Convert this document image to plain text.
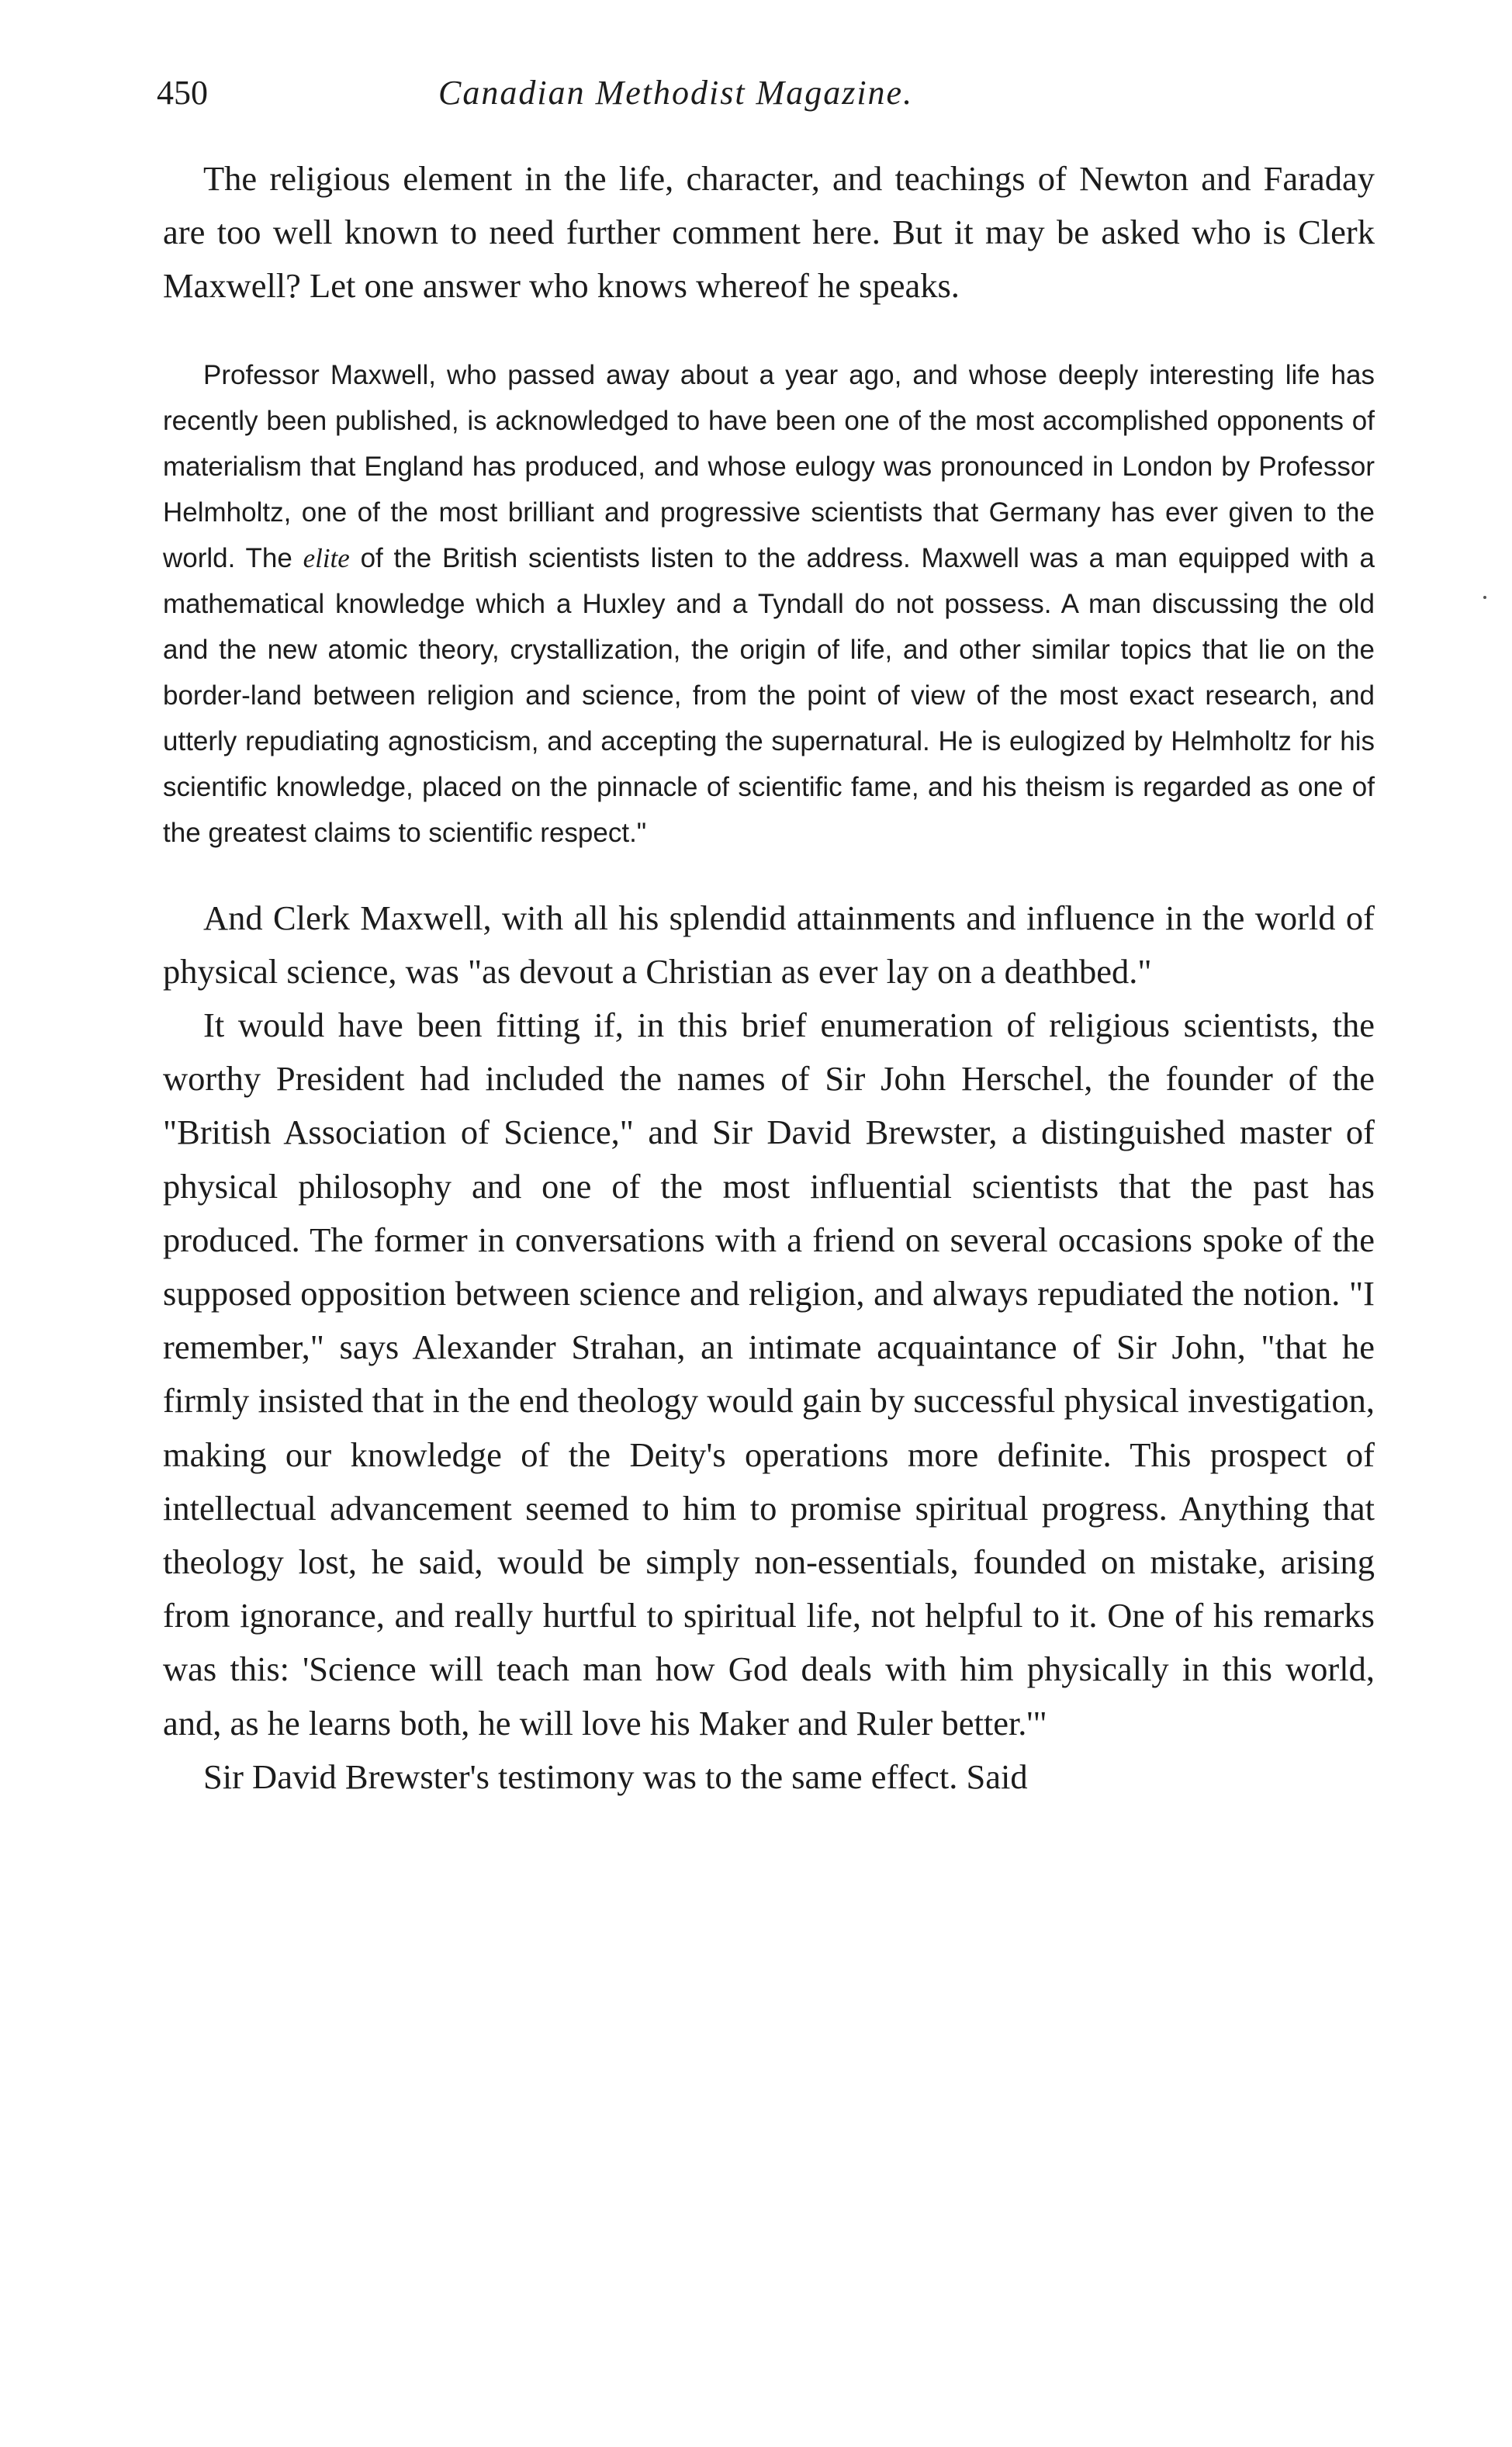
450	Canadian Methodist Magazine.

The religious element in the life, character, and teachings of Newton and Faraday are too well known to need further comment here. But it may be asked who is Clerk Maxwell? Let one answer who knows whereof he speaks.

Professor Maxwell, who passed away about a year ago, and whose deeply interesting life has recently been published, is acknowledged to have been one of the most accomplished opponents of materialism that England has produced, and whose eulogy was pronounced in London by Professor Helmholtz, one of the most brilliant and progressive scientists that Germany has ever given to the world. The elite of the British scientists listen to the address. Maxwell was a man equipped with a mathematical knowledge which a Huxley and a Tyndall do not possess. A man discussing the old and the new atomic theory, crystallization, the origin of life, and other similar topics that lie on the border-land between religion and science, from the point of view of the most exact research, and utterly repudiating agnosticism, and accepting the supernatural. He is eulogized by Helmholtz for his scientific knowledge, placed on the pinnacle of scientific fame, and his theism is regarded as one of the greatest claims to scientific respect."

And Clerk Maxwell, with all his splendid attainments and influence in the world of physical science, was "as devout a Christian as ever lay on a deathbed."

It would have been fitting if, in this brief enumeration of religious scientists, the worthy President had included the names of Sir John Herschel, the founder of the "British Association of Science," and Sir David Brewster, a distinguished master of physical philosophy and one of the most influential scientists that the past has produced. The former in conversations with a friend on several occasions spoke of the supposed opposition between science and religion, and always repudiated the notion. "I remember," says Alexander Strahan, an intimate acquaintance of Sir John, "that he firmly insisted that in the end theology would gain by successful physical investigation, making our knowledge of the Deity's operations more definite. This prospect of intellectual advancement seemed to him to promise spiritual progress. Anything that theology lost, he said, would be simply non-essentials, founded on mistake, arising from ignorance, and really hurtful to spiritual life, not helpful to it. One of his remarks was this: 'Science will teach man how God deals with him physically in this world, and, as he learns both, he will love his Maker and Ruler better.'"

Sir David Brewster's testimony was to the same effect. Said
